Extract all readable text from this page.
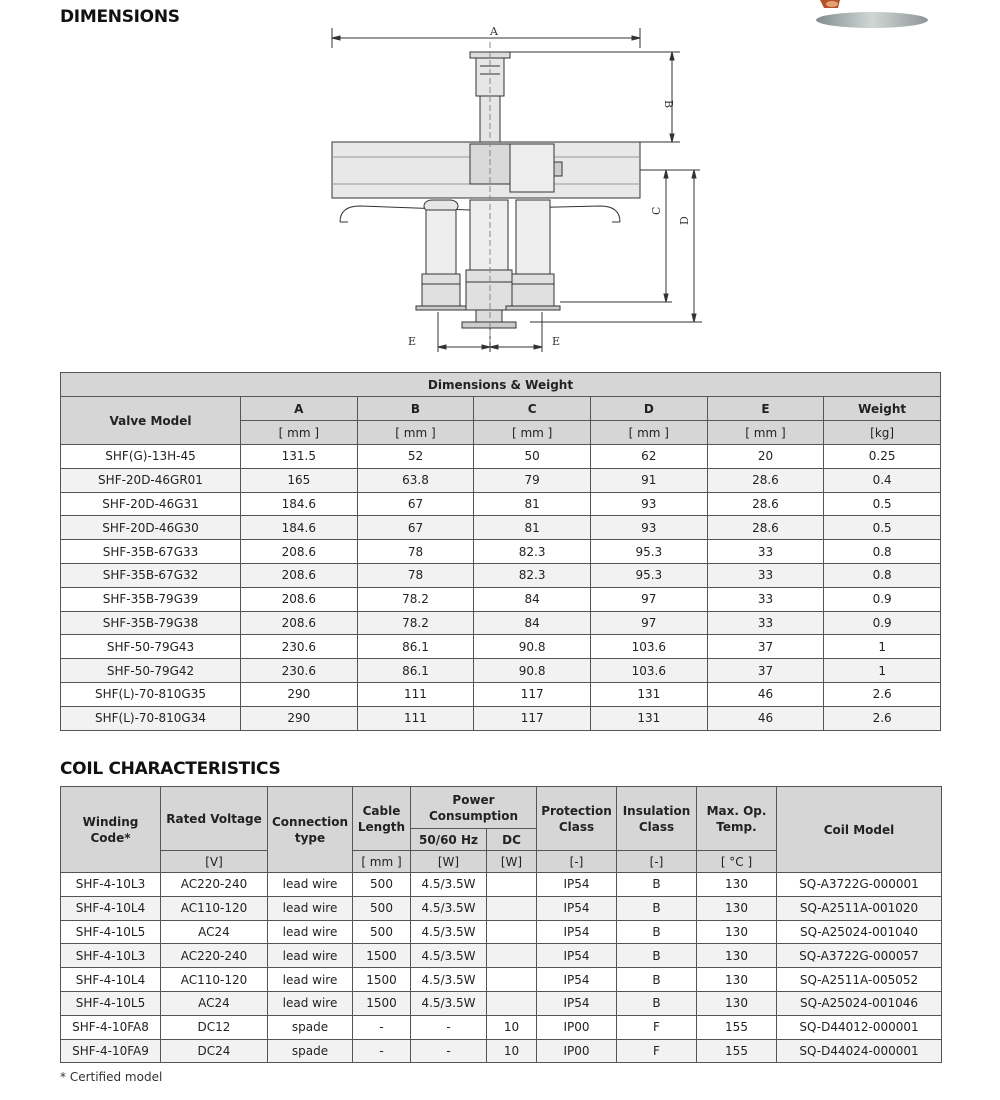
DIMENSIONS
A
B
C
D
E	E
Dimensions & Weight						
Valve Model	A	B	C	D	E	Weight
	[ mm ]	[ mm ]	[ mm ]	[ mm ]	[ mm ]	[kg]
SHF(G)-13H-45	131.5	52	50	62	20	0.25
SHF-20D-46GR01	165	63.8	79	91	28.6	0.4
SHF-20D-46G31	184.6	67	81	93	28.6	0.5
SHF-20D-46G30	184.6	67	81	93	28.6	0.5
SHF-35B-67G33	208.6	78	82.3	95.3	33	0.8
SHF-35B-67G32	208.6	78	82.3	95.3	33	0.8
SHF-35B-79G39	208.6	78.2	84	97	33	0.9
SHF-35B-79G38	208.6	78.2	84	97	33	0.9
SHF-50-79G43	230.6	86.1	90.8	103.6	37	1
SHF-50-79G42	230.6	86.1	90.8	103.6	37	1
SHF(L)-70-810G35	290	111	117	131	46	2.6
SHF(L)-70-810G34	290	111	117	131	46	2.6
COIL CHARACTERISTICS
Winding Code*	Rated Voltage	Connection type	Cable Length	Power Consumption		Protection Class	Insulation Class	Max. Op. Temp.	Coil Model
				50/60 Hz	DC				
	[V]		[ mm ]	[W]	[W]	[-]	[-]	[ °C ]	
SHF-4-10L3	AC220-240	lead wire	500	4.5/3.5W		IP54	B	130	SQ-A3722G-000001
SHF-4-10L4	AC110-120	lead wire	500	4.5/3.5W		IP54	B	130	SQ-A2511A-001020
SHF-4-10L5	AC24	lead wire	500	4.5/3.5W		IP54	B	130	SQ-A25024-001040
SHF-4-10L3	AC220-240	lead wire	1500	4.5/3.5W		IP54	B	130	SQ-A3722G-000057
SHF-4-10L4	AC110-120	lead wire	1500	4.5/3.5W		IP54	B	130	SQ-A2511A-005052
SHF-4-10L5	AC24	lead wire	1500	4.5/3.5W		IP54	B	130	SQ-A25024-001046
SHF-4-10FA8	DC12	spade	-	-	10	IP00	F	155	SQ-D44012-000001
SHF-4-10FA9	DC24	spade	-	-	10	IP00	F	155	SQ-D44024-000001
* Certified model
